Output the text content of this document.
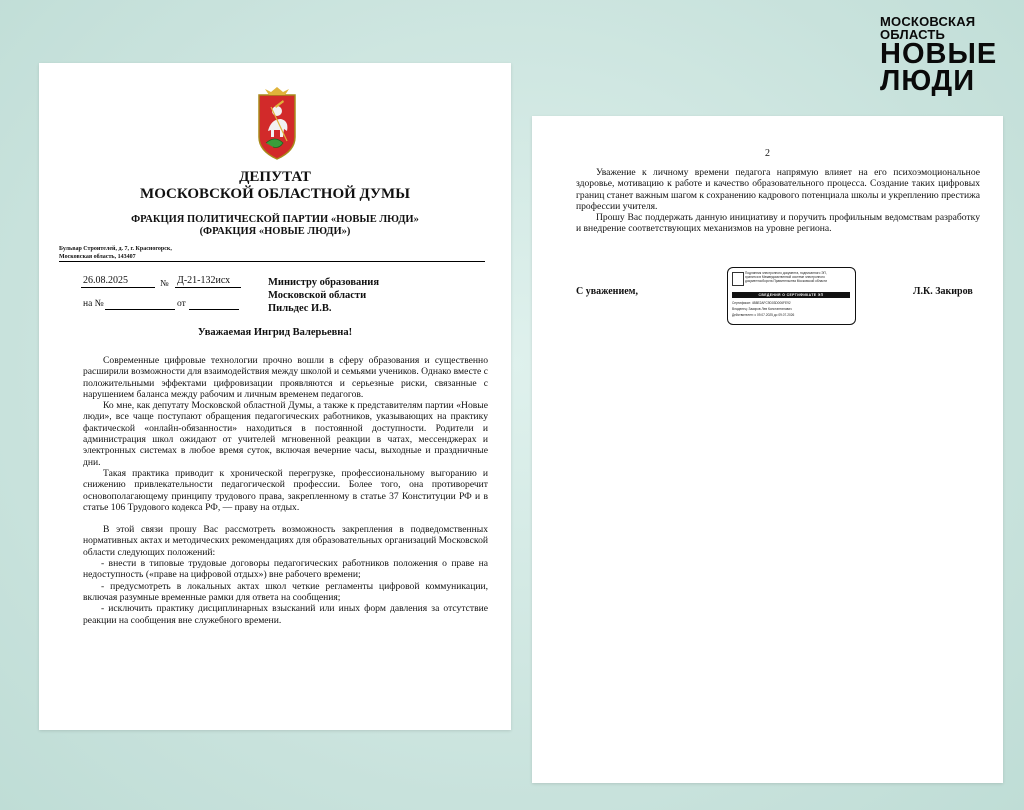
МОСКОВСКАЯ
ОБЛАСТЬ
НОВЫЕ
ЛЮДИ
ДЕПУТАТ
МОСКОВСКОЙ ОБЛАСТНОЙ ДУМЫ
ФРАКЦИЯ ПОЛИТИЧЕСКОЙ ПАРТИИ «НОВЫЕ ЛЮДИ»
(ФРАКЦИЯ «НОВЫЕ ЛЮДИ»)
Бульвар Строителей, д. 7, г. Красногорск,
Московская область, 143407
26.08.2025	№ Д-21-132исх
на №	от
Министру образования
Московской области
Пильдес И.В.
Уважаемая Ингрид Валерьевна!

Современные цифровые технологии прочно вошли в сферу образования и существенно расширили возможности для взаимодействия между школой и семьями учеников. Однако вместе с положительными эффектами цифровизации проявляются и серьезные риски, связанные с нарушением баланса между рабочим и личным временем педагогов.

Ко мне, как депутату Московской областной Думы, а также к представителям партии «Новые люди», все чаще поступают обращения педагогических работников, указывающих на практику фактической «онлайн-обязанности» находиться в постоянной доступности. Родители и администрация школ ожидают от учителей мгновенной реакции в чатах, мессенджерах и электронных системах в любое время суток, включая вечерние часы, выходные и праздничные дни.

Такая практика приводит к хронической перегрузке, профессиональному выгоранию и снижению привлекательности педагогической профессии. Более того, она противоречит основополагающему принципу трудового права, закрепленному в статье 37 Конституции РФ и в статье 106 Трудового кодекса РФ, — праву на отдых.

В этой связи прошу Вас рассмотреть возможность закрепления в подведомственных нормативных актах и методических рекомендациях для образовательных организаций Московской области следующих положений:

- внести в типовые трудовые договоры педагогических работников положения о праве на недоступность («праве на цифровой отдых») вне рабочего времени;

- предусмотреть в локальных актах школ четкие регламенты цифровой коммуникации, включая разумные временные рамки для ответа на сообщения;

- исключить практику дисциплинарных взысканий или иных форм давления за отсутствие реакции на сообщения вне служебного времени.

2

Уважение к личному времени педагога напрямую влияет на его психоэмоциональное здоровье, мотивацию к работе и качество образовательного процесса. Создание таких цифровых границ станет важным шагом к сохранению кадрового потенциала школы и укреплению престижа профессии учителя.

Прошу Вас поддержать данную инициативу и поручить профильным ведомствам разработку и внедрение соответствующих механизмов на уровне региона.

С уважением,
Подлинник электронного документа, подписанного ЭП,
хранится в Межведомственной системе электронного
документооборота Правительства Московской области
СВЕДЕНИЯ О СЕРТИФИКАТЕ ЭП
Сертификат: 4B8E2AFC9D03D006FE92
Владелец: Закиров Лев Константинович
Действителен: с 09.07.2025 до 09.07.2026
Л.К. Закиров
